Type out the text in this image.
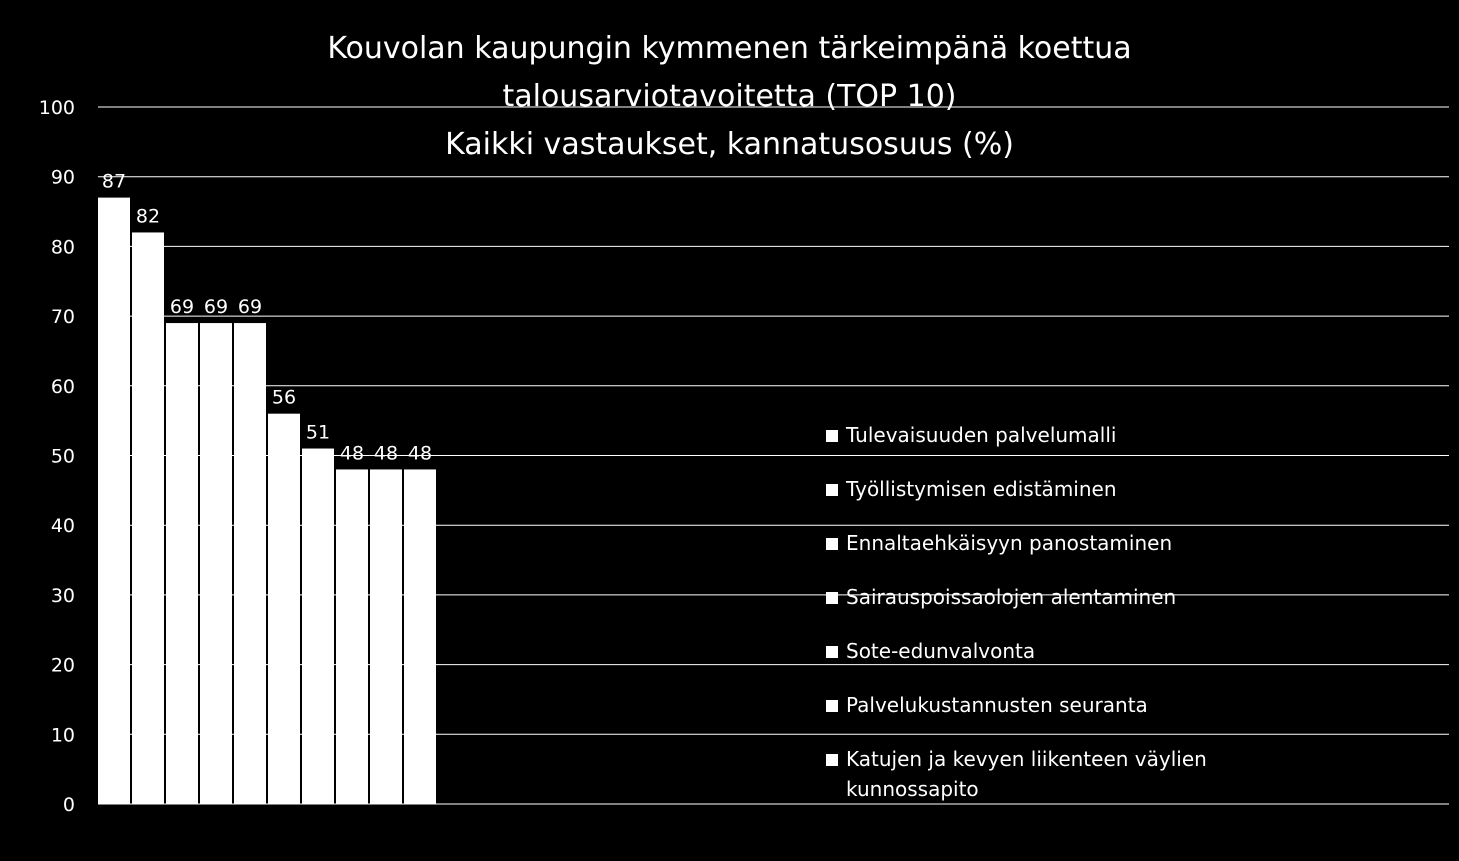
0
10
20
30
40
50
60
70
80
90
100
87
82
69 69 69
56
51
48 48 48
Kouvolan kaupungin kymmenen tärkeimpänä koettua
talousarviotavoitetta (TOP 10)
Kaikki vastaukset, kannatusosuus (%)
Tulevaisuuden palvelumalli
Työllistymisen edistäminen
Ennaltaehkäisyyn panostaminen
Sairauspoissaolojen alentaminen
Sote-edunvalvonta
Palvelukustannusten seuranta
Katujen ja kevyen liikenteen väylien kunnossapito
